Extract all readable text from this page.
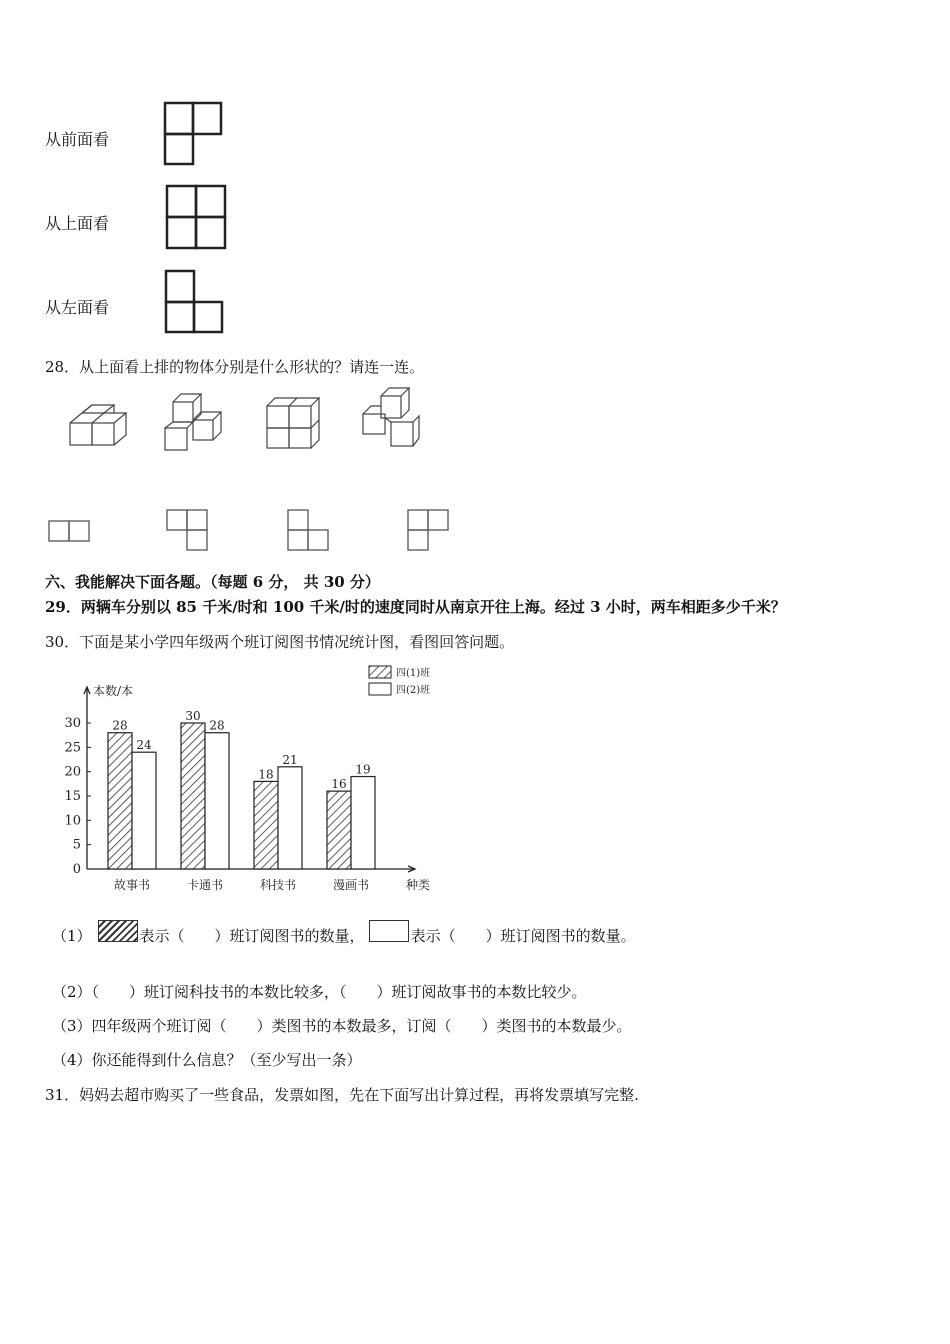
从前面看
从上面看
从左面看
28．从上面看上排的物体分别是什么形状的？请连一连。
六、我能解决下面各题。（每题 6 分， 共 30 分）
29．两辆车分别以 85 千米/时和 100 千米/时的速度同时从南京开往上海。经过 3 小时，两车相距多少千米？
30．下面是某小学四年级两个班订阅图书情况统计图，看图回答问题。
本数/本
种类
0
5
10
15
20
25
30	28
24
故事书
30
28
卡通书
18
21
科技书
16
19
漫画书
四(1)班
四(2)班
（1）	表示（　　）班订阅图书的数量，	表示（　　）班订阅图书的数量。
（2）（　　）班订阅科技书的本数比较多，（　　）班订阅故事书的本数比较少。
（3）四年级两个班订阅（　　）类图书的本数最多，订阅（　　）类图书的本数最少。
（4）你还能得到什么信息？（至少写出一条）
31．妈妈去超市购买了一些食品，发票如图，先在下面写出计算过程，再将发票填写完整.
